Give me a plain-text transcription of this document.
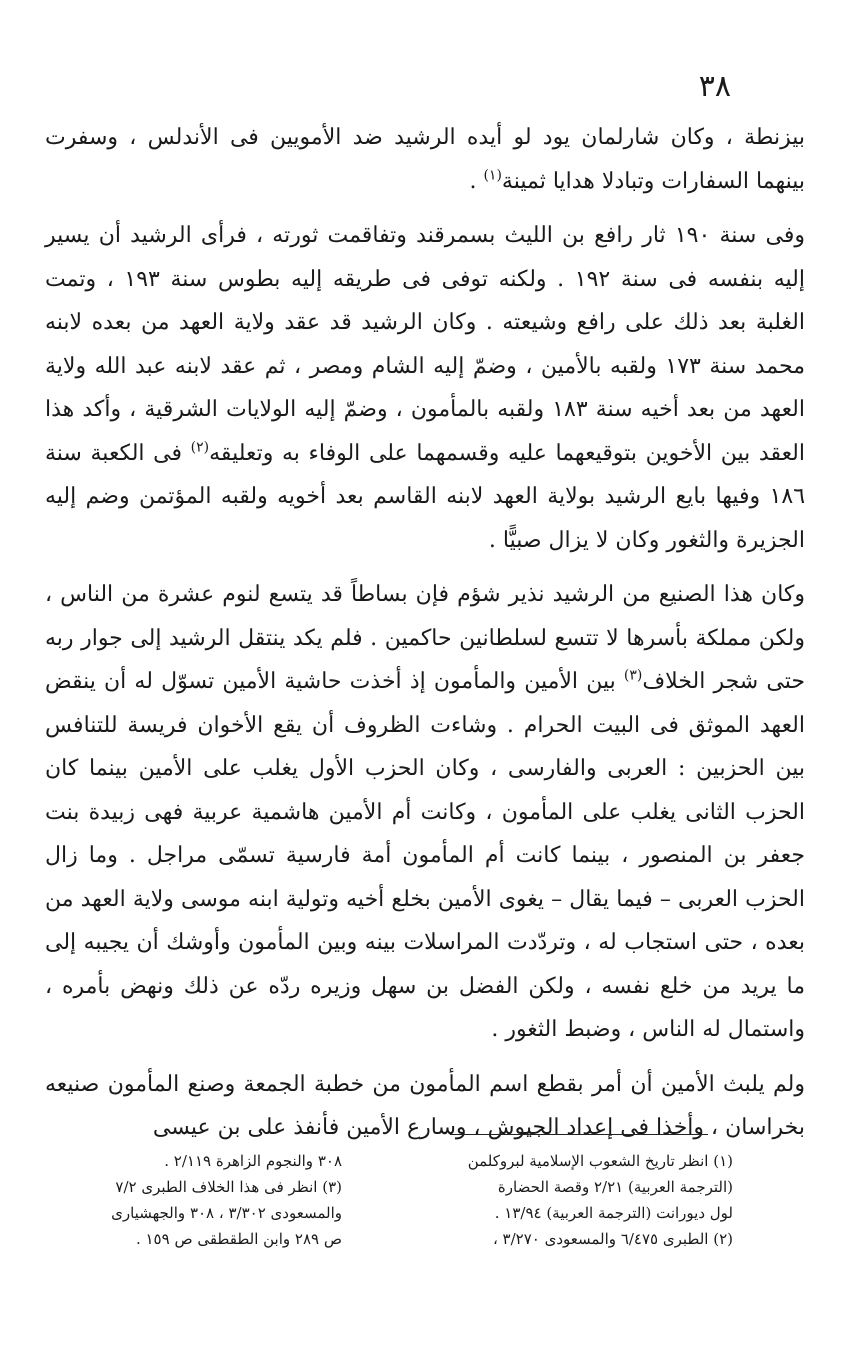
٣٨

بيزنطة ، وكان شارلمان يود لو أيده الرشيد ضد الأمويين فى الأندلس ، وسفرت بينهما السفارات وتبادلا هدايا ثمينة$^{(١)}$ .

وفى سنة ١٩٠ ثار رافع بن الليث بسمرقند وتفاقمت ثورته ، فرأى الرشيد أن يسير إليه بنفسه فى سنة ١٩٢ . ولكنه توفى فى طريقه إليه بطوس سنة ١٩٣ ، وتمت الغلبة بعد ذلك على رافع وشيعته . وكان الرشيد قد عقد ولاية العهد من بعده لابنه محمد سنة ١٧٣ ولقبه بالأمين ، وضمّ إليه الشام ومصر ، ثم عقد لابنه عبد الله ولاية العهد من بعد أخيه سنة ١٨٣ ولقبه بالمأمون ، وضمّ إليه الولايات الشرقية ، وأكد هذا العقد بين الأخوين بتوقيعهما عليه وقسمهما على الوفاء به وتعليقه$^{(٢)}$ فى الكعبة سنة ١٨٦ وفيها بايع الرشيد بولاية العهد لابنه القاسم بعد أخويه ولقبه المؤتمن وضم إليه الجزيرة والثغور وكان لا يزال صبيًّا .

وكان هذا الصنيع من الرشيد نذير شؤم فإن بساطاً قد يتسع لنوم عشرة من الناس ، ولكن مملكة بأسرها لا تتسع لسلطانين حاكمين . فلم يكد ينتقل الرشيد إلى جوار ربه حتى شجر الخلاف$^{(٣)}$ بين الأمين والمأمون إذ أخذت حاشية الأمين تسوّل له أن ينقض العهد الموثق فى البيت الحرام . وشاءت الظروف أن يقع الأخوان فريسة للتنافس بين الحزبين : العربى والفارسى ، وكان الحزب الأول يغلب على الأمين بينما كان الحزب الثانى يغلب على المأمون ، وكانت أم الأمين هاشمية عربية فهى زبيدة بنت جعفر بن المنصور ، بينما كانت أم المأمون أمة فارسية تسمّى مراجل . وما زال الحزب العربى – فيما يقال – يغوى الأمين بخلع أخيه وتولية ابنه موسى ولاية العهد من بعده ، حتى استجاب له ، وتردّدت المراسلات بينه وبين المأمون وأوشك أن يجيبه إلى ما يريد من خلع نفسه ، ولكن الفضل بن سهل وزيره ردّه عن ذلك ونهض بأمره ، واستمال له الناس ، وضبط الثغور .

ولم يلبث الأمين أن أمر بقطع اسم المأمون من خطبة الجمعة وصنع المأمون صنيعه بخراسان ، وأخذا فى إعداد الجيوش ، وسارع الأمين فأنفذ على بن عيسى

(١) انظر تاريخ الشعوب الإسلامية لبروكلمن
(الترجمة العربية) ٢/٢١ وقصة الحضارة
لول ديورانت (الترجمة العربية) ١٣/٩٤ .
(٢) الطبرى ٦/٤٧٥ والمسعودى ٣/٢٧٠ ،
٣٠٨ والنجوم الزاهرة ٢/١١٩ .
(٣) انظر فى هذا الخلاف الطبرى ٧/٢
والمسعودى ٣/٣٠٢ ، ٣٠٨ والجهشيارى
ص ٢٨٩ وابن الطقطقى ص ١٥٩ .
